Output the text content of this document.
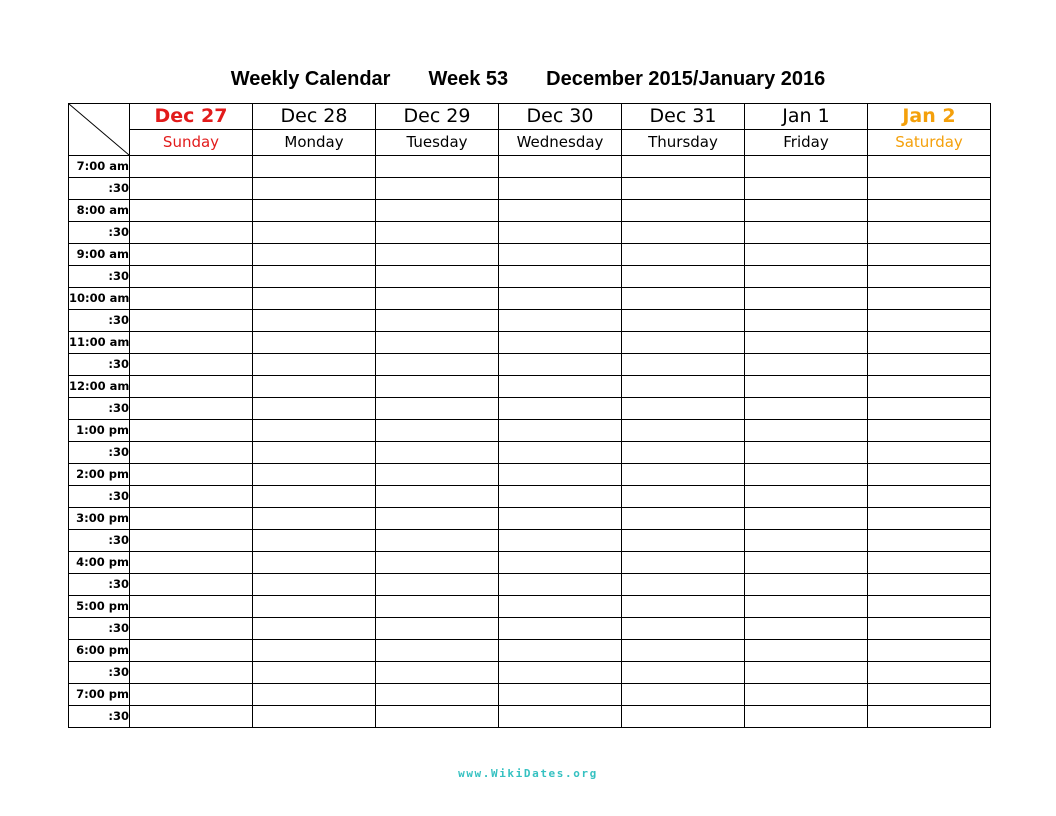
Weekly Calendar Week 53 December 2015/January 2016
	Dec 27	Dec 28	Dec 29	Dec 30	Dec 31	Jan 1	Jan 2
	Sunday	Monday	Tuesday	Wednesday	Thursday	Friday	Saturday
7:00 am							
:30							
8:00 am							
:30							
9:00 am							
:30							
10:00 am							
:30							
11:00 am							
:30							
12:00 am							
:30							
1:00 pm							
:30							
2:00 pm							
:30							
3:00 pm							
:30							
4:00 pm							
:30							
5:00 pm							
:30							
6:00 pm							
:30							
7:00 pm							
:30							
www.WikiDates.org
